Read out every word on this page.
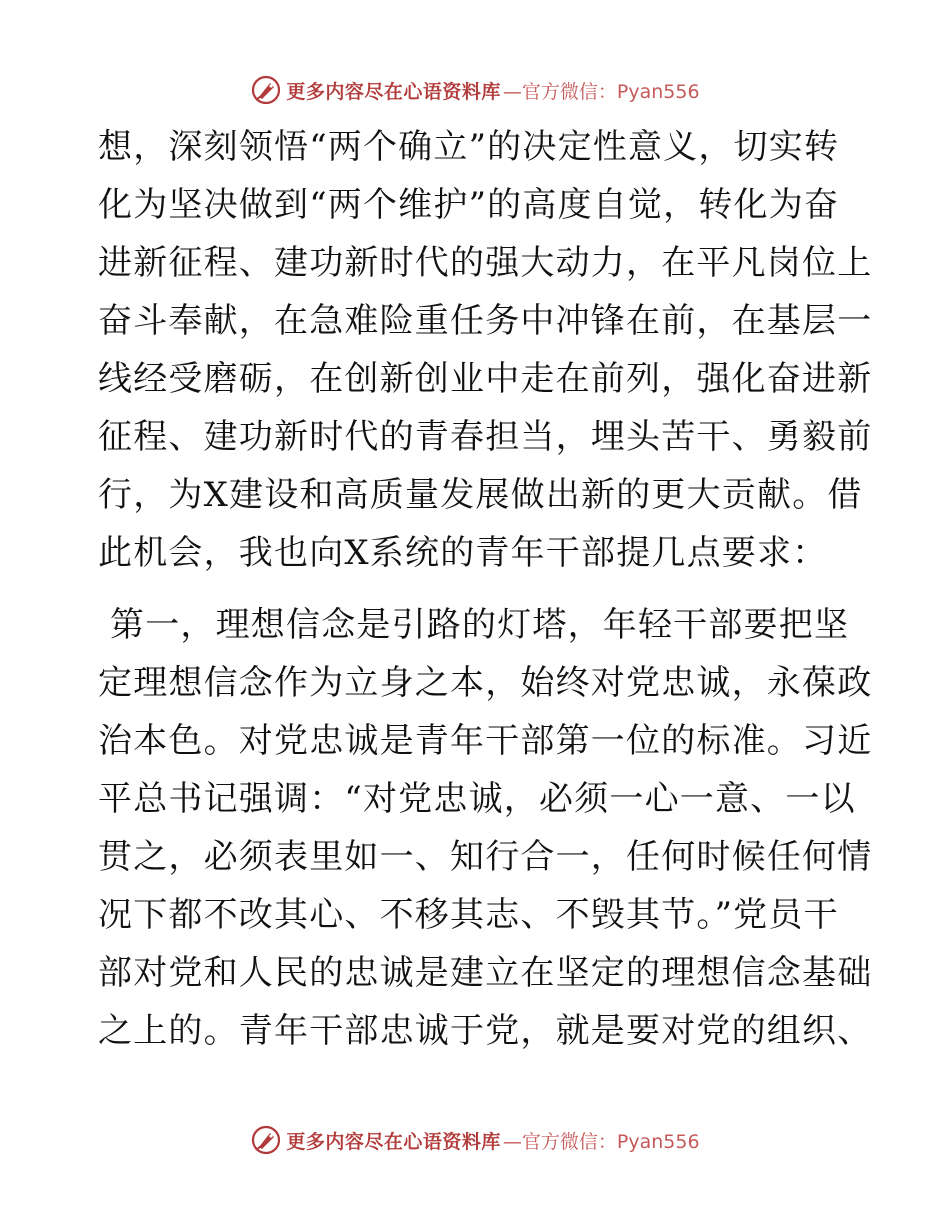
更多内容尽在心语资料库 —官方微信：Pyan556
想，深刻领悟“两个确立”的决定性意义，切实转
化为坚决做到“两个维护”的高度自觉，转化为奋
进新征程、建功新时代的强大动力，在平凡岗位上
奋斗奉献，在急难险重任务中冲锋在前，在基层一
线经受磨砺，在创新创业中走在前列，强化奋进新
征程、建功新时代的青春担当，埋头苦干、勇毅前
行，为X建设和高质量发展做出新的更大贡献。借
此机会，我也向X系统的青年干部提几点要求：
第一，理想信念是引路的灯塔，年轻干部要把坚
定理想信念作为立身之本，始终对党忠诚，永葆政
治本色。对党忠诚是青年干部第一位的标准。习近
平总书记强调：“对党忠诚，必须一心一意、一以
贯之，必须表里如一、知行合一，任何时候任何情
况下都不改其心、不移其志、不毁其节。”党员干
部对党和人民的忠诚是建立在坚定的理想信念基础
之上的。青年干部忠诚于党，就是要对党的组织、
更多内容尽在心语资料库 —官方微信：Pyan556
